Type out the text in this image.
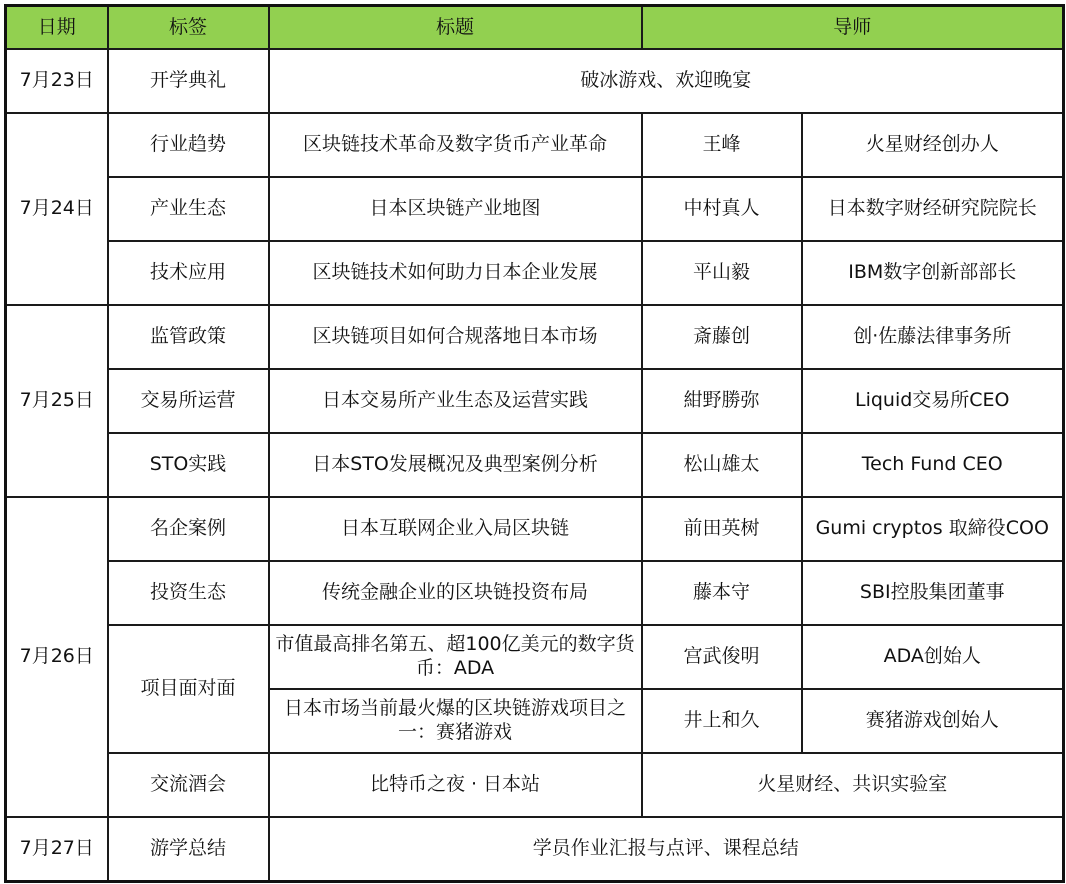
日期	标签	标题	导师	
7月23日	开学典礼	破冰游戏、欢迎晚宴		
7月24日	行业趋势	区块链技术革命及数字货币产业革命	王峰	火星财经创办人
	产业生态	日本区块链产业地图	中村真人	日本数字财经研究院院长
	技术应用	区块链技术如何助力日本企业发展	平山毅	IBM数字创新部部长
7月25日	监管政策	区块链项目如何合规落地日本市场	斎藤创	创·佐藤法律事务所
	交易所运营	日本交易所产业生态及运营实践	紺野勝弥	Liquid交易所CEO
	STO实践	日本STO发展概况及典型案例分析	松山雄太	Tech Fund CEO
7月26日	名企案例	日本互联网企业入局区块链	前田英树	Gumi cryptos 取締役COO
	投资生态	传统金融企业的区块链投资布局	藤本守	SBI控股集团董事
	项目面对面	市值最高排名第五、超100亿美元的数字货币：ADA	宫武俊明	ADA创始人
		日本市场当前最火爆的区块链游戏项目之一：赛猪游戏	井上和久	赛猪游戏创始人
	交流酒会	比特币之夜 · 日本站	火星财经、共识实验室	
7月27日	游学总结	学员作业汇报与点评、课程总结		
